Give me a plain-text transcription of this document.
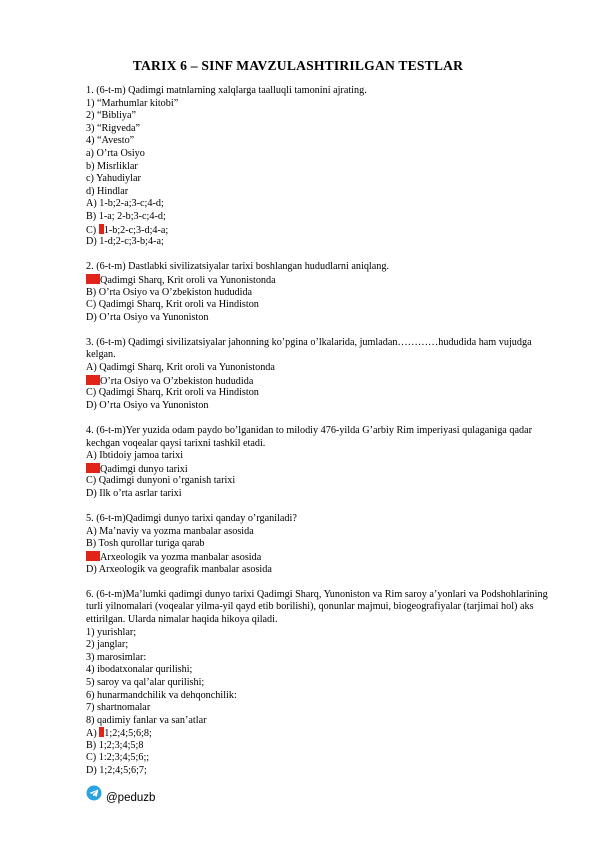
TARIX 6 – SINF MAVZULASHTIRILGAN TESTLAR
1. (6-t-m) Qadimgi matnlarning xalqlarga taalluqli tamonini ajrating.
1) “Marhumlar kitobi”
2) “Bibliya”
3) “Rigveda”
4) “Avesto”
a) O’rta Osiyo
b) Misrliklar
c) Yahudiylar
d) Hindlar
A) 1-b;2-a;3-c;4-d;
B) 1-a; 2-b;3-c;4-d;
C) 1-b;2-c;3-d;4-a;
D) 1-d;2-c;3-b;4-a;
2. (6-t-m) Dastlabki sivilizatsiyalar tarixi boshlangan hududlarni aniqlang.
Qadimgi Sharq, Krit oroli va Yunonistonda
B) O’rta Osiyo va O’zbekiston hududida
C) Qadimgi Sharq, Krit oroli va Hindiston
D) O’rta Osiyo va Yunoniston
3. (6-t-m) Qadimgi sivilizatsiyalar jahonning ko’pgina o’lkalarida, jumladan…………hududida ham vujudga kelgan.
A) Qadimgi Sharq, Krit oroli va Yunonistonda
O’rta Osiyo va O’zbekiston hududida
C) Qadimgi Sharq, Krit oroli va Hindiston
D) O’rta Osiyo va Yunoniston
4. (6-t-m)Yer yuzida odam paydo bo’lganidan to milodiy 476-yilda G’arbiy Rim imperiyasi qulaganiga qadar kechgan voqealar qaysi tarixni tashkil etadi.
A) Ibtidoiy jamoa tarixi
Qadimgi dunyo tarixi
C) Qadimgi dunyoni o’rganish tarixi
D) Ilk o’rta asrlar tarixi
5. (6-t-m)Qadimgi dunyo tarixi qanday o’rganiladi?
A) Ma’naviy va yozma manbalar asosida
B) Tosh qurollar turiga qarab
Arxeologik va yozma manbalar asosida
D) Arxeologik va geografik manbalar asosida
6. (6-t-m)Ma’lumki qadimgi dunyo tarixi Qadimgi Sharq, Yunoniston va Rim saroy a’yonlari va Podshohlarining turli yilnomalari (voqealar yilma-yil qayd etib borilishi), qonunlar majmui, biogeografiyalar (tarjimai hol) aks ettirilgan. Ularda nimalar haqida hikoya qiladi.
1) yurishlar;
2) janglar;
3) marosimlar:
4) ibodatxonalar qurilishi;
5) saroy va qal’alar qurilishi;
6) hunarmandchilik va dehqonchilik:
7) shartnomalar
8) qadimiy fanlar va san’atlar
A) 1;2;4;5;6;8;
B) 1;2;3;4;5;8
C) 1:2;3;4;5;6;;
D) 1;2;4;5;6;7;
@peduzb
